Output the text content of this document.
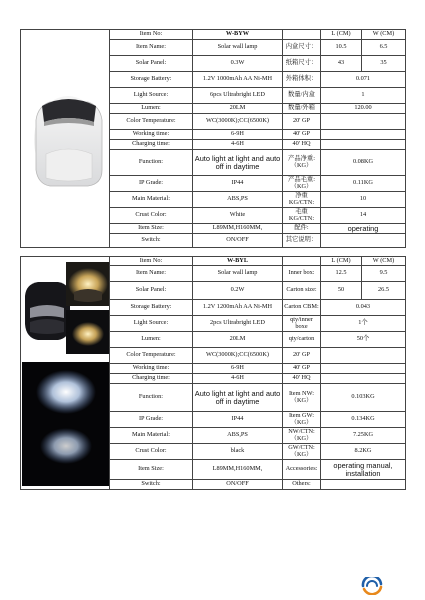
	Item No:	W-BYW		L (CM)	W (CM)
	Item Name:	Solar wall lamp	内盒尺寸：	10.5	6.5
	Solar Panel:	0.3W	纸箱尺寸：	43	35
	Storage Battery:	1.2V 1000mAh AA Ni-MH	外箱体积：	0.071	
	Light Source:	6pcs Ultrabright LED	数量/内盒	1	
	Lumen:	20LM	数量/外箱	120.00	
	Color Temperature:	WC(3000K);CC(6500K)	20' GP		
	Working time:	6-9H	40' GP		
	Charging time:	4-6H	40' HQ		
	Function:	Auto light at light and auto off in daytime	产品净重:（KG）	0.08KG	
	IP Grade:	IP44	产品毛重:（KG）	0.11KG	
	Main Material:	ABS,PS	净重KG/CTN:	10	
	Crust Color:	White	毛重KG/CTN:	14	
	Item Size:	L89MM,H160MM,	配件:	operating	
	Switch:	ON/OFF	其它说明：		
	Item No:	W-BYL		L (CM)	W (CM)
	Item Name:	Solar wall lamp	Inner box:	12.5	9.5
	Solar Panel:	0.2W	Carton size:	50	26.5
	Storage Battery:	1.2V 1200mAh AA Ni-MH	Carton CBM:	0.043	
	Light Source:	2pcs Ultrabright LED	qty/inner boxe	1个	
	Lumen:	20LM	qty/carton	50个	
	Color Temperature:	WC(3000K);CC(6500K)	20' GP		
	Working time:	6-9H	40' GP		
	Charging time:	4-6H	40' HQ		
	Function:	Auto light at light and auto off in daytime	Item NW:（KG）	0.103KG	
	IP Grade:	IP44	Item GW:（KG）	0.134KG	
	Main Material:	ABS,PS	NW/CTN:（KG）	7.25KG	
	Crust Color:	black	GW/CTN:（KG）	8.2KG	
	Item Size:	L89MM,H160MM,	Accessories:	operating manual, installation	
	Switch:	ON/OFF	Others:		
